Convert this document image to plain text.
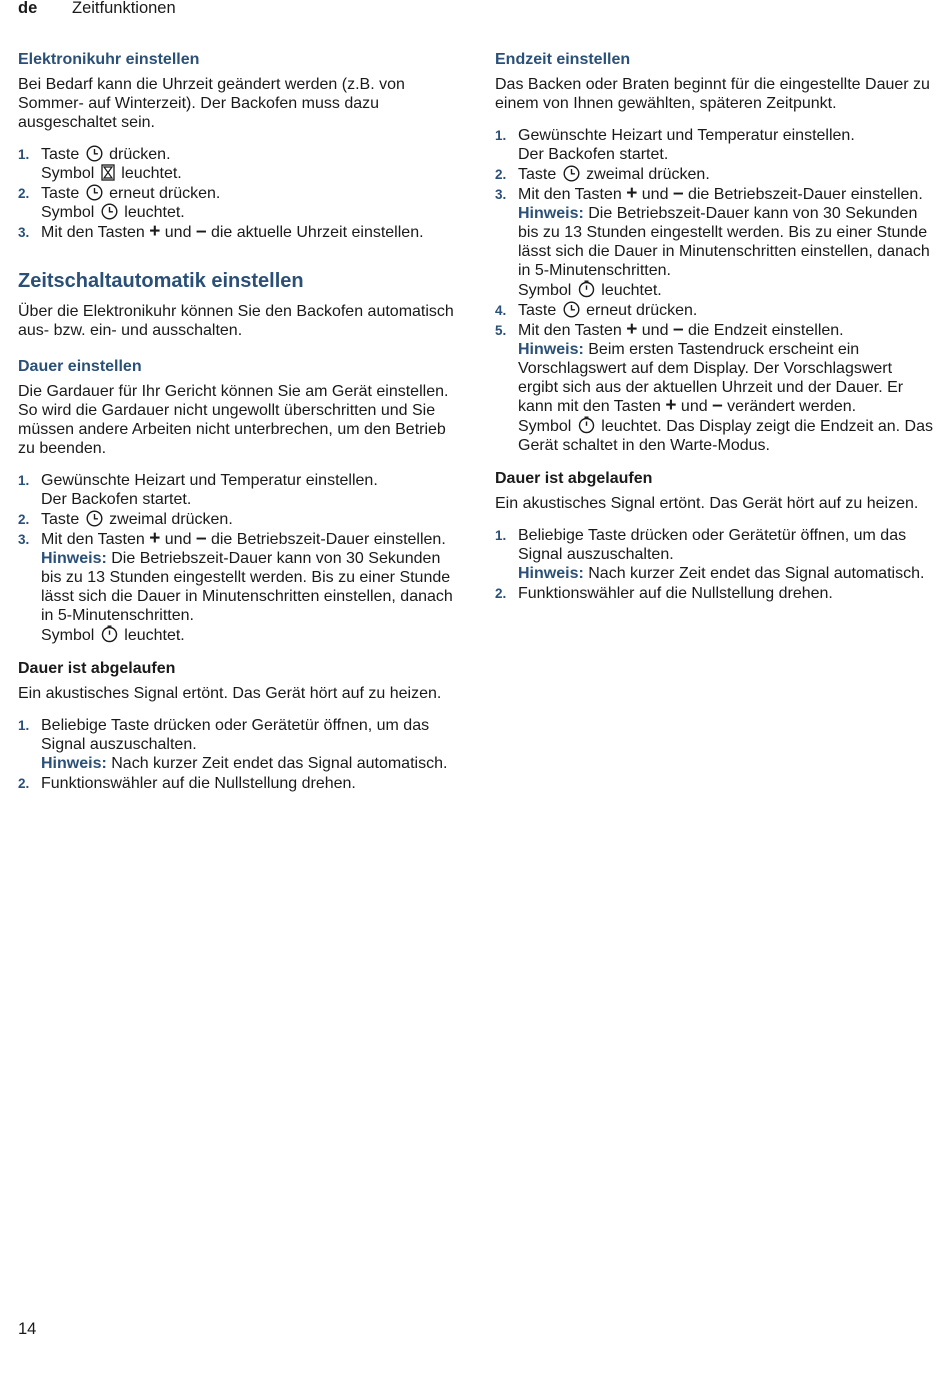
de Zeitfunktionen
Elektronikuhr einstellen

Bei Bedarf kann die Uhrzeit geändert werden (z.B. von Sommer- auf Winterzeit). Der Backofen muss dazu ausgeschaltet sein.

1. Taste drücken.
Symbol leuchtet.
2. Taste erneut drücken.
Symbol leuchtet.
3. Mit den Tasten + und – die aktuelle Uhrzeit einstellen.
Zeitschaltautomatik einstellen

Über die Elektronikuhr können Sie den Backofen automatisch aus- bzw. ein- und ausschalten.

Dauer einstellen

Die Gardauer für Ihr Gericht können Sie am Gerät einstellen. So wird die Gardauer nicht ungewollt überschritten und Sie müssen andere Arbeiten nicht unterbrechen, um den Betrieb zu beenden.

1. Gewünschte Heizart und Temperatur einstellen.
Der Backofen startet.
2. Taste zweimal drücken.
3. Mit den Tasten + und – die Betriebszeit-Dauer einstellen.
Hinweis: Die Betriebszeit-Dauer kann von 30 Sekunden bis zu 13 Stunden eingestellt werden. Bis zu einer Stunde lässt sich die Dauer in Minutenschritten einstellen, danach in 5-Minutenschritten.
Symbol leuchtet.
Dauer ist abgelaufen

Ein akustisches Signal ertönt. Das Gerät hört auf zu heizen.

1. Beliebige Taste drücken oder Gerätetür öffnen, um das Signal auszuschalten.
Hinweis: Nach kurzer Zeit endet das Signal automatisch.
2. Funktionswähler auf die Nullstellung drehen.
Endzeit einstellen

Das Backen oder Braten beginnt für die eingestellte Dauer zu einem von Ihnen gewählten, späteren Zeitpunkt.

1. Gewünschte Heizart und Temperatur einstellen.
Der Backofen startet.
2. Taste zweimal drücken.
3. Mit den Tasten + und – die Betriebszeit-Dauer einstellen.
Hinweis: Die Betriebszeit-Dauer kann von 30 Sekunden bis zu 13 Stunden eingestellt werden. Bis zu einer Stunde lässt sich die Dauer in Minutenschritten einstellen, danach in 5-Minutenschritten.
Symbol leuchtet.
4. Taste erneut drücken.
5. Mit den Tasten + und – die Endzeit einstellen.
Hinweis: Beim ersten Tastendruck erscheint ein Vorschlagswert auf dem Display. Der Vorschlagswert ergibt sich aus der aktuellen Uhrzeit und der Dauer. Er kann mit den Tasten + und – verändert werden.
Symbol leuchtet. Das Display zeigt die Endzeit an. Das Gerät schaltet in den Warte-Modus.
Dauer ist abgelaufen

Ein akustisches Signal ertönt. Das Gerät hört auf zu heizen.

1. Beliebige Taste drücken oder Gerätetür öffnen, um das Signal auszuschalten.
Hinweis: Nach kurzer Zeit endet das Signal automatisch.
2. Funktionswähler auf die Nullstellung drehen.
14
